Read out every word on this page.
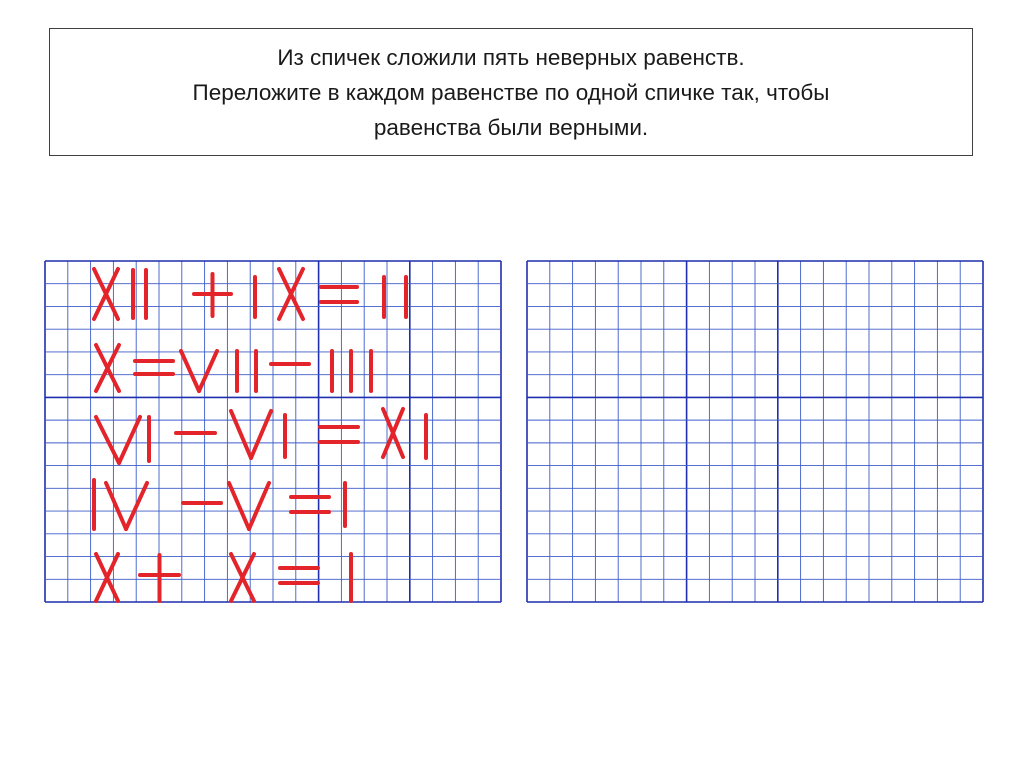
Из спичек сложили пять неверных равенств.
Переложите в каждом равенстве по одной спичке так, чтобы
равенства были верными.
